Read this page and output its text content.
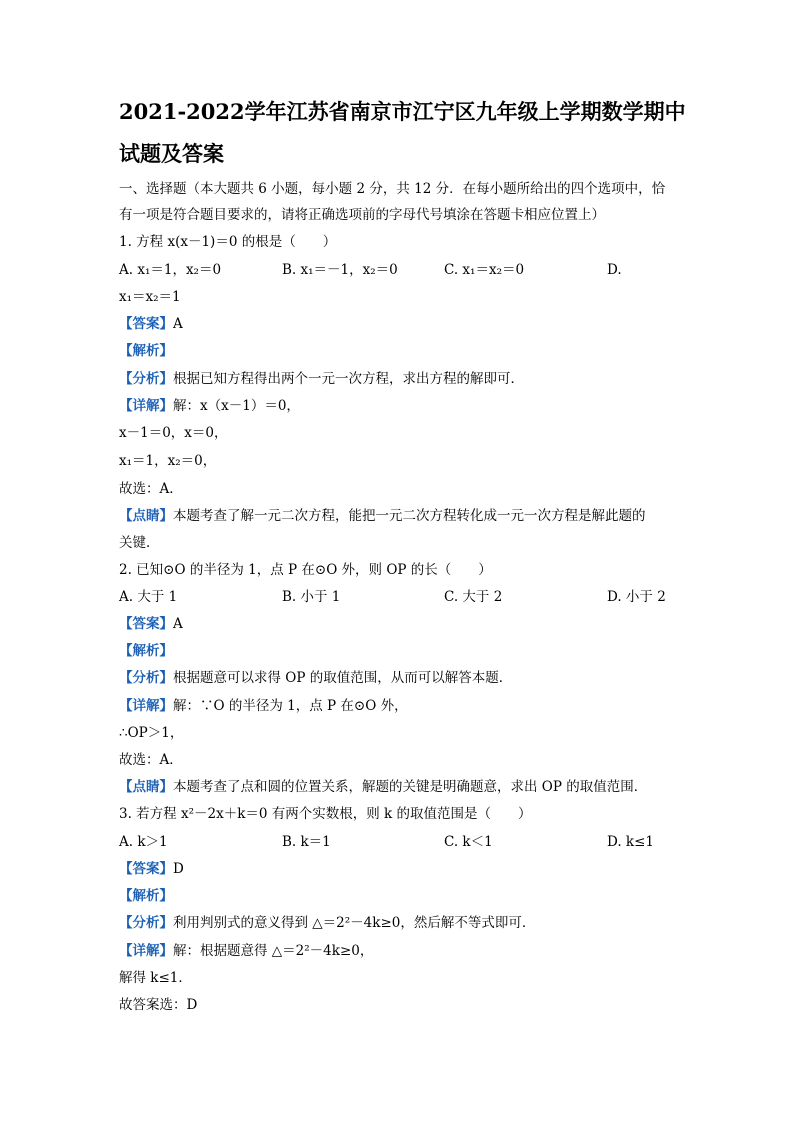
2021-2022学年江苏省南京市江宁区九年级上学期数学期中
试题及答案
一、选择题（本大题共 6 小题，每小题 2 分，共 12 分．在每小题所给出的四个选项中，恰
有一项是符合题目要求的，请将正确选项前的字母代号填涂在答题卡相应位置上）
1. 方程 x(x－1)＝0 的根是（　　）
A. x₁＝1，x₂＝0	B. x₁＝－1，x₂＝0	C. x₁＝x₂＝0	D.
x₁＝x₂＝1
【答案】A
【解析】
【分析】根据已知方程得出两个一元一次方程，求出方程的解即可．
【详解】解：x（x－1）＝0，
x－1＝0，x＝0，
x₁＝1，x₂＝0，
故选：A．
【点睛】本题考查了解一元二次方程，能把一元二次方程转化成一元一次方程是解此题的
关键．
2. 已知⊙O 的半径为 1，点 P 在⊙O 外，则 OP 的长（　　）
A. 大于 1	B. 小于 1	C. 大于 2	D. 小于 2
【答案】A
【解析】
【分析】根据题意可以求得 OP 的取值范围，从而可以解答本题．
【详解】解：∵O 的半径为 1，点 P 在⊙O 外，
∴OP＞1，
故选：A．
【点睛】本题考查了点和圆的位置关系，解题的关键是明确题意，求出 OP 的取值范围．
3. 若方程 x²－2x＋k＝0 有两个实数根，则 k 的取值范围是（　　）
A. k＞1	B. k＝1	C. k＜1	D. k≤1
【答案】D
【解析】
【分析】利用判别式的意义得到 △＝2²－4k≥0，然后解不等式即可．
【详解】解：根据题意得 △＝2²－4k≥0，
解得 k≤1．
故答案选：D
